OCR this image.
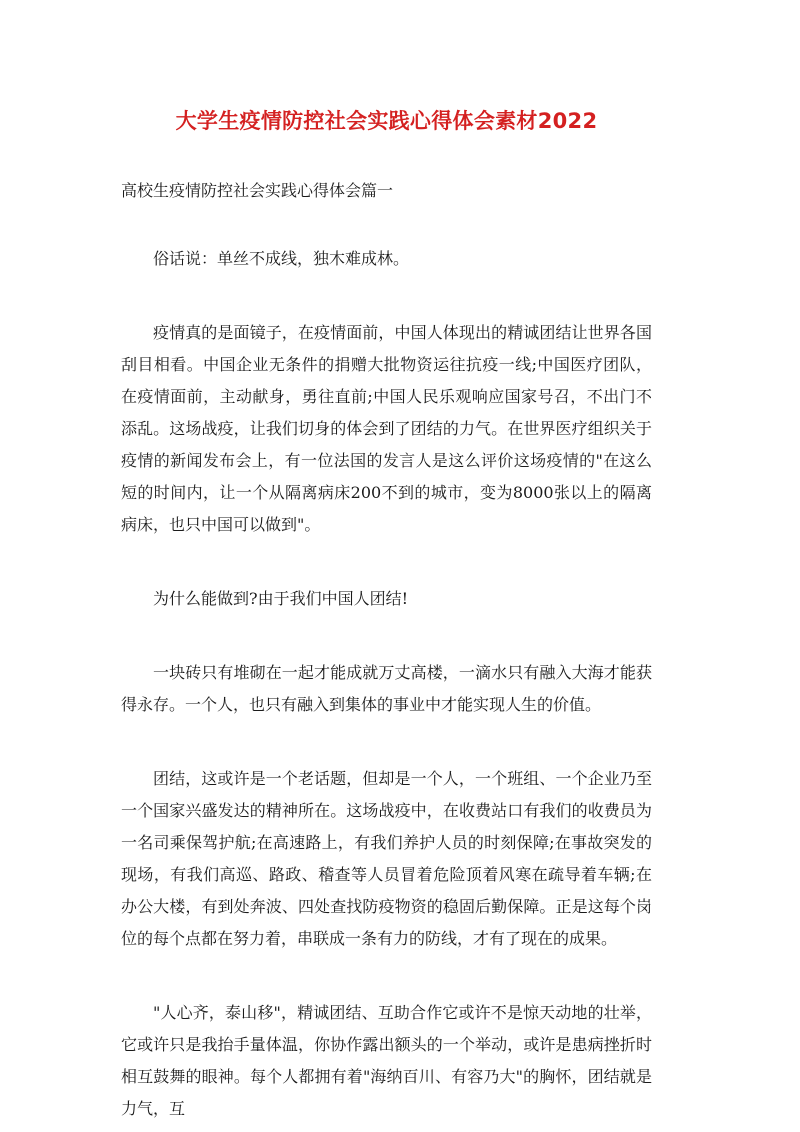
大学生疫情防控社会实践心得体会素材2022

高校生疫情防控社会实践心得体会篇一

俗话说：单丝不成线，独木难成林。

疫情真的是面镜子，在疫情面前，中国人体现出的精诚团结让世界各国刮目相看。中国企业无条件的捐赠大批物资运往抗疫一线;中国医疗团队，在疫情面前，主动献身，勇往直前;中国人民乐观响应国家号召，不出门不添乱。这场战疫，让我们切身的体会到了团结的力气。在世界医疗组织关于疫情的新闻发布会上，有一位法国的发言人是这么评价这场疫情的"在这么短的时间内，让一个从隔离病床200不到的城市，变为8000张以上的隔离病床，也只中国可以做到"。

为什么能做到?由于我们中国人团结!

一块砖只有堆砌在一起才能成就万丈高楼，一滴水只有融入大海才能获得永存。一个人，也只有融入到集体的事业中才能实现人生的价值。

团结，这或许是一个老话题，但却是一个人，一个班组、一个企业乃至一个国家兴盛发达的精神所在。这场战疫中，在收费站口有我们的收费员为一名司乘保驾护航;在高速路上，有我们养护人员的时刻保障;在事故突发的现场，有我们高巡、路政、稽查等人员冒着危险顶着风寒在疏导着车辆;在办公大楼，有到处奔波、四处查找防疫物资的稳固后勤保障。正是这每个岗位的每个点都在努力着，串联成一条有力的防线，才有了现在的成果。

"人心齐，泰山移"，精诚团结、互助合作它或许不是惊天动地的壮举，它或许只是我抬手量体温，你协作露出额头的一个举动，或许是患病挫折时相互鼓舞的眼神。每个人都拥有着"海纳百川、有容乃大"的胸怀，团结就是力气，互
